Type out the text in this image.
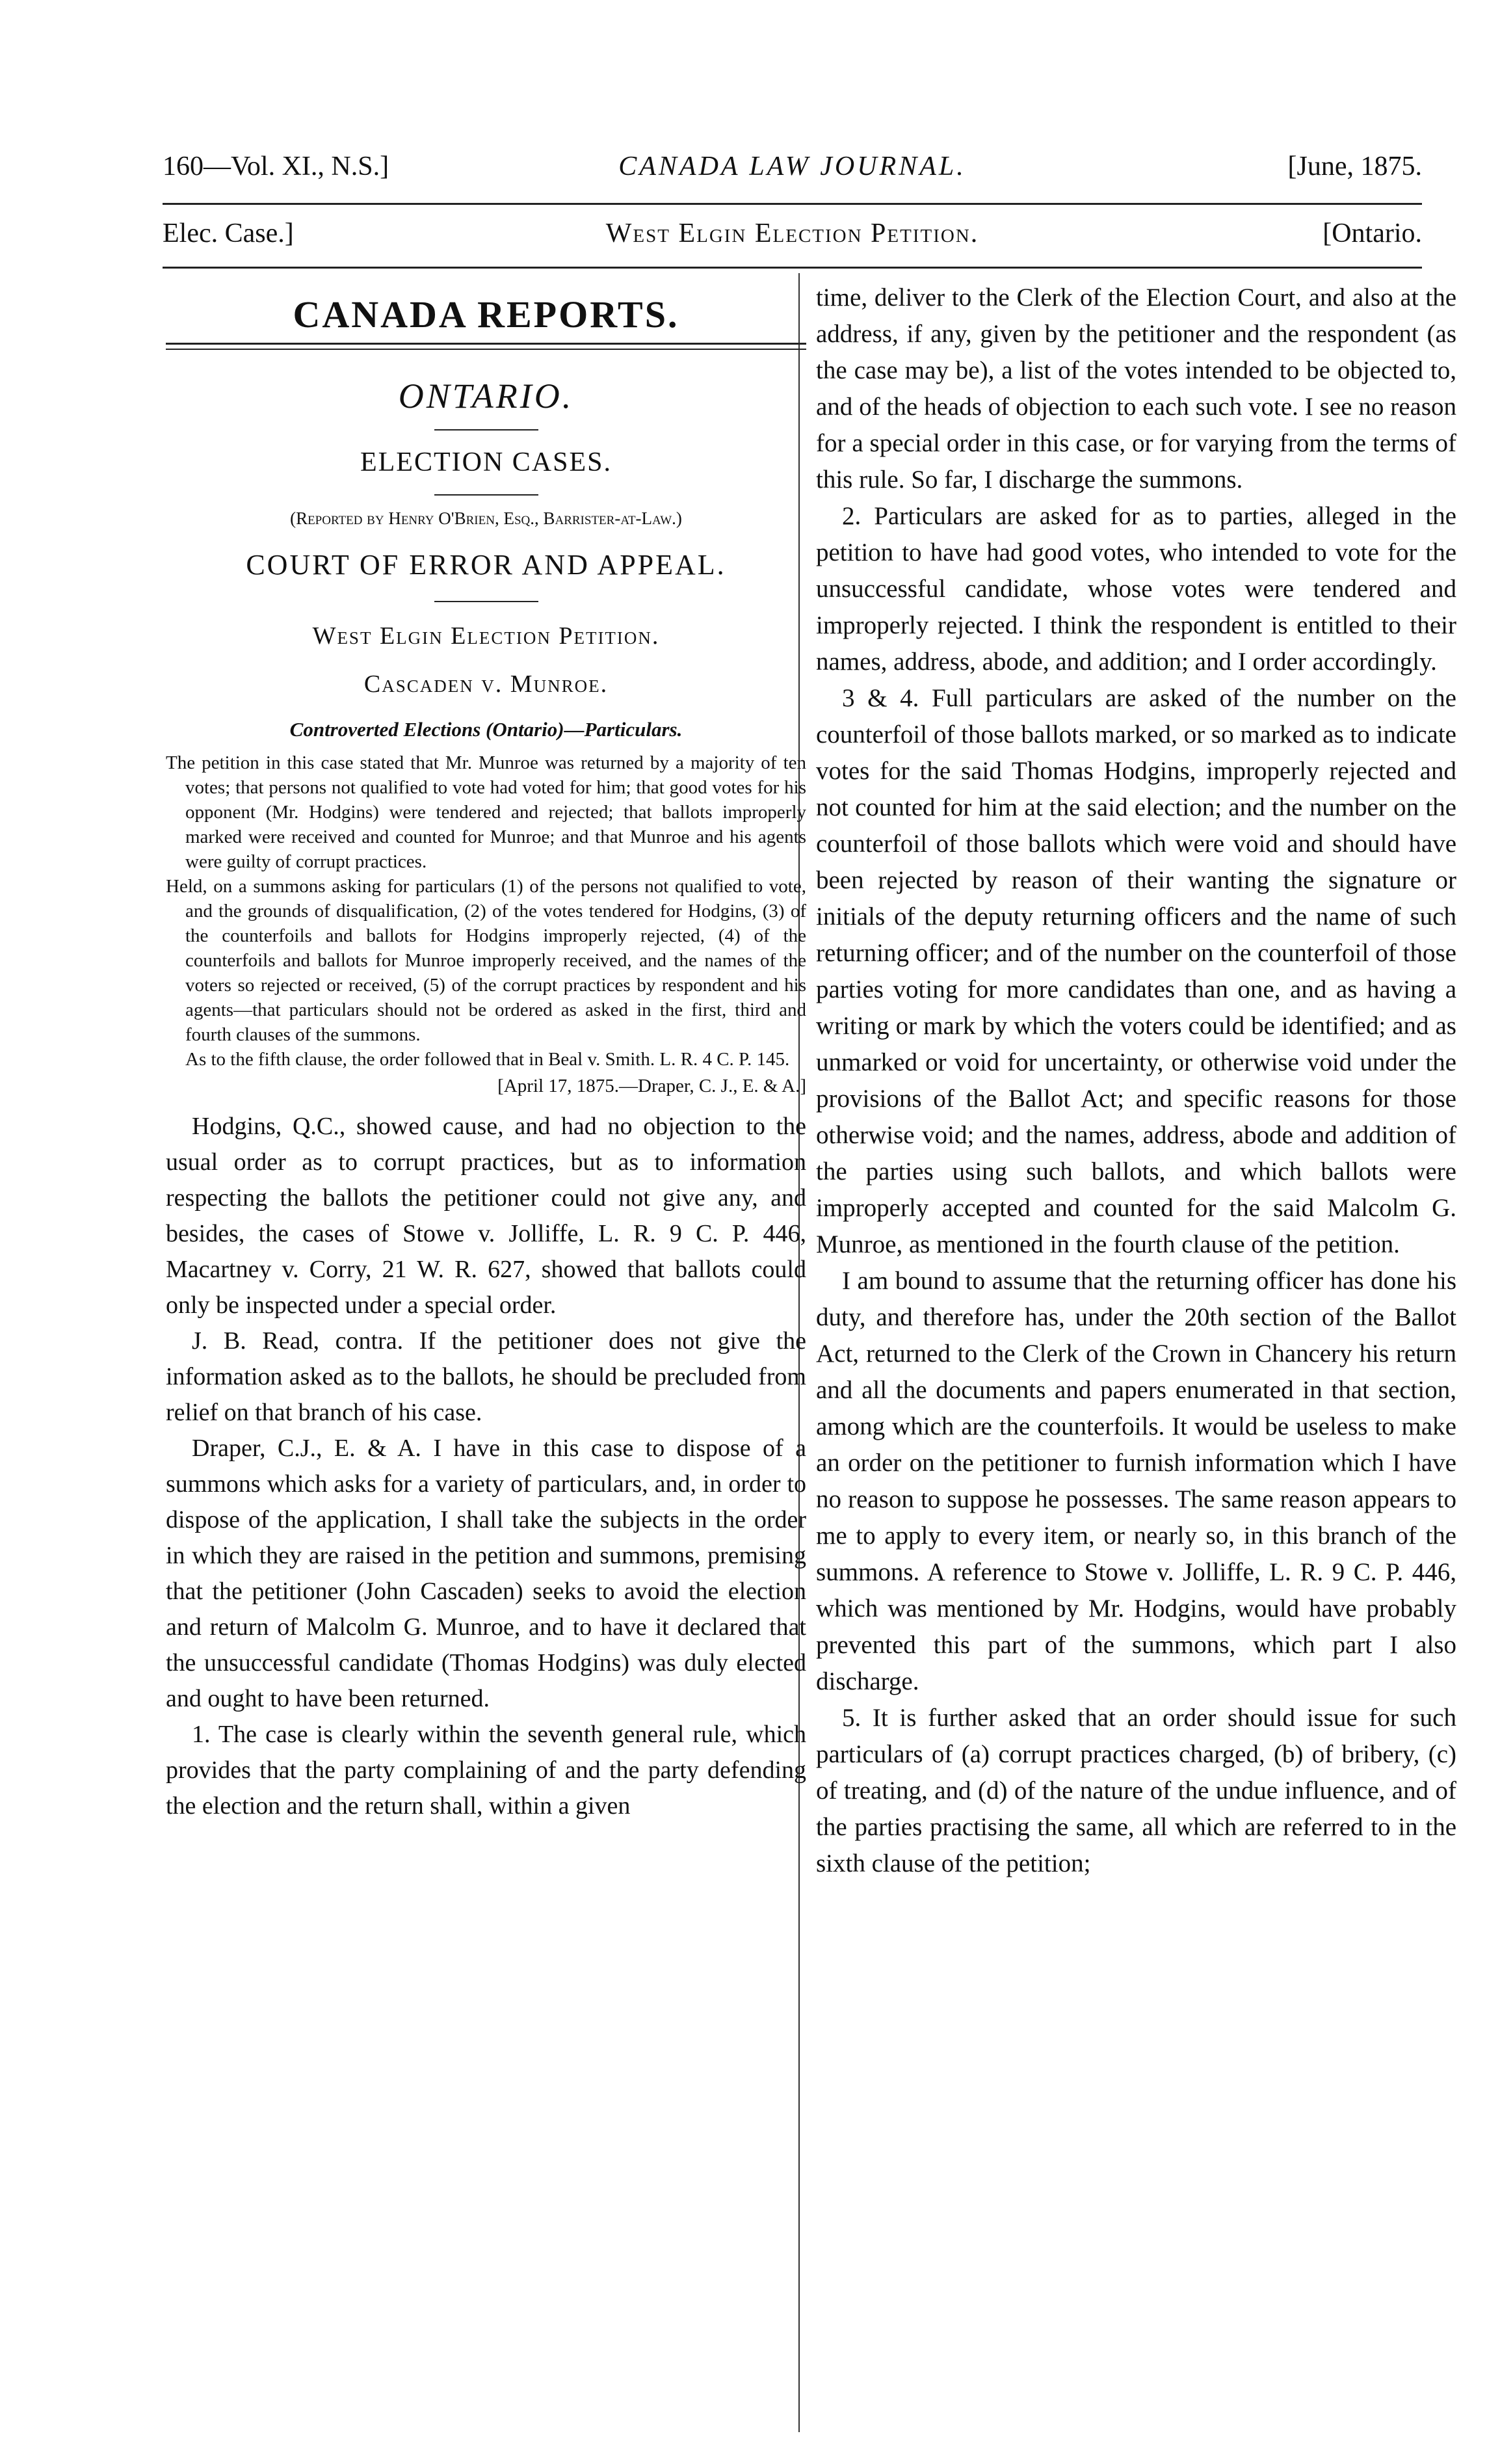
160—Vol. XI., N.S.]	CANADA LAW JOURNAL.	[June, 1875.
Elec. Case.]	West Elgin Election Petition.	[Ontario.
CANADA REPORTS.
ONTARIO.
ELECTION CASES.
(Reported by Henry O'Brien, Esq., Barrister-at-Law.)
COURT OF ERROR AND APPEAL.
West Elgin Election Petition.
Cascaden v. Munroe.
Controverted Elections (Ontario)—Particulars.

The petition in this case stated that Mr. Munroe was returned by a majority of ten votes; that persons not qualified to vote had voted for him; that good votes for his opponent (Mr. Hodgins) were tendered and rejected; that ballots improperly marked were received and counted for Munroe; and that Munroe and his agents were guilty of corrupt practices.

Held, on a summons asking for particulars (1) of the persons not qualified to vote, and the grounds of disqualification, (2) of the votes tendered for Hodgins, (3) of the counterfoils and ballots for Hodgins improperly rejected, (4) of the counterfoils and ballots for Munroe improperly received, and the names of the voters so rejected or received, (5) of the corrupt practices by respondent and his agents—that particulars should not be ordered as asked in the first, third and fourth clauses of the summons.

As to the fifth clause, the order followed that in Beal v. Smith. L. R. 4 C. P. 145.

[April 17, 1875.—Draper, C. J., E. & A.]

Hodgins, Q.C., showed cause, and had no objection to the usual order as to corrupt practices, but as to information respecting the ballots the petitioner could not give any, and besides, the cases of Stowe v. Jolliffe, L. R. 9 C. P. 446, Macartney v. Corry, 21 W. R. 627, showed that ballots could only be inspected under a special order.

J. B. Read, contra. If the petitioner does not give the information asked as to the ballots, he should be precluded from relief on that branch of his case.

Draper, C.J., E. & A. I have in this case to dispose of a summons which asks for a variety of particulars, and, in order to dispose of the application, I shall take the subjects in the order in which they are raised in the petition and summons, premising that the petitioner (John Cascaden) seeks to avoid the election and return of Malcolm G. Munroe, and to have it declared that the unsuccessful candidate (Thomas Hodgins) was duly elected and ought to have been returned.

1. The case is clearly within the seventh general rule, which provides that the party complaining of and the party defending the election and the return shall, within a given

time, deliver to the Clerk of the Election Court, and also at the address, if any, given by the petitioner and the respondent (as the case may be), a list of the votes intended to be objected to, and of the heads of objection to each such vote. I see no reason for a special order in this case, or for varying from the terms of this rule. So far, I discharge the summons.

2. Particulars are asked for as to parties, alleged in the petition to have had good votes, who intended to vote for the unsuccessful candidate, whose votes were tendered and improperly rejected. I think the respondent is entitled to their names, address, abode, and addition; and I order accordingly.

3 & 4. Full particulars are asked of the number on the counterfoil of those ballots marked, or so marked as to indicate votes for the said Thomas Hodgins, improperly rejected and not counted for him at the said election; and the number on the counterfoil of those ballots which were void and should have been rejected by reason of their wanting the signature or initials of the deputy returning officers and the name of such returning officer; and of the number on the counterfoil of those parties voting for more candidates than one, and as having a writing or mark by which the voters could be identified; and as unmarked or void for uncertainty, or otherwise void under the provisions of the Ballot Act; and specific reasons for those otherwise void; and the names, address, abode and addition of the parties using such ballots, and which ballots were improperly accepted and counted for the said Malcolm G. Munroe, as mentioned in the fourth clause of the petition.

I am bound to assume that the returning officer has done his duty, and therefore has, under the 20th section of the Ballot Act, returned to the Clerk of the Crown in Chancery his return and all the documents and papers enumerated in that section, among which are the counterfoils. It would be useless to make an order on the petitioner to furnish information which I have no reason to suppose he possesses. The same reason appears to me to apply to every item, or nearly so, in this branch of the summons. A reference to Stowe v. Jolliffe, L. R. 9 C. P. 446, which was mentioned by Mr. Hodgins, would have probably prevented this part of the summons, which part I also discharge.

5. It is further asked that an order should issue for such particulars of (a) corrupt practices charged, (b) of bribery, (c) of treating, and (d) of the nature of the undue influence, and of the parties practising the same, all which are referred to in the sixth clause of the petition;
